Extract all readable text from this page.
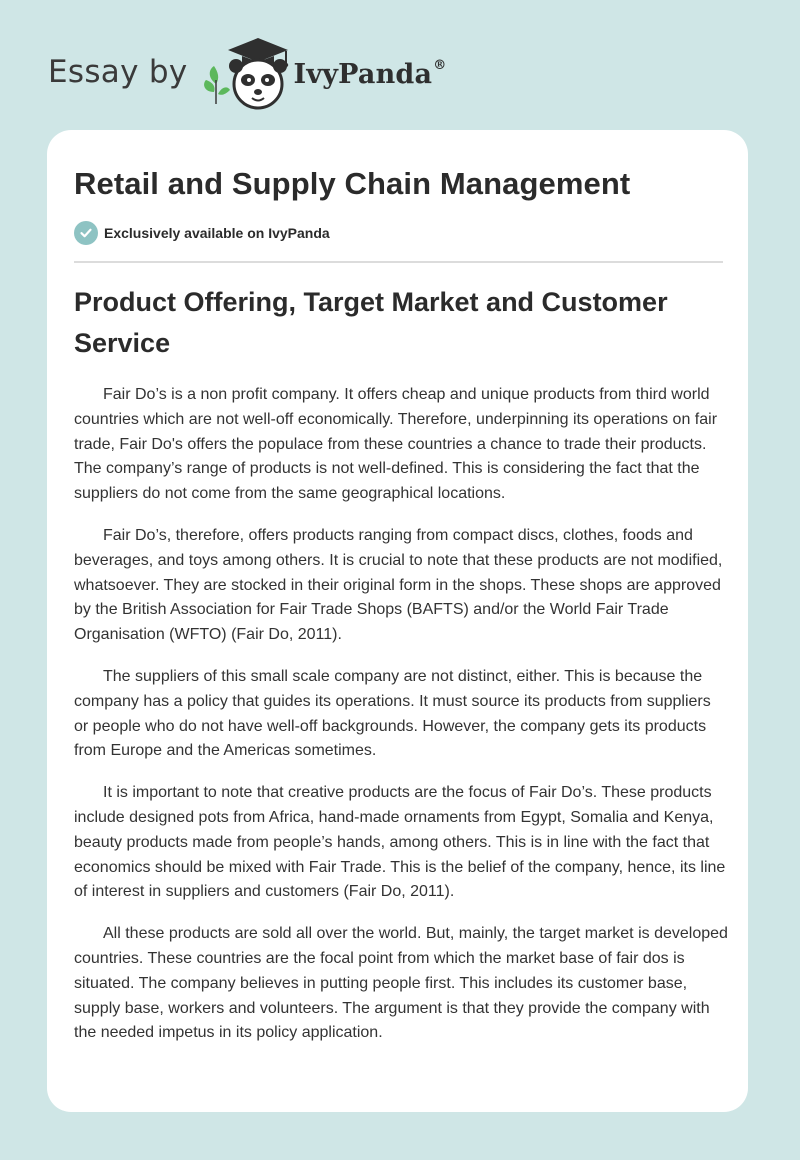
Essay by	IvyPanda®
Retail and Supply Chain Management
Exclusively available on IvyPanda
Product Offering, Target Market and Customer Service

Fair Do’s is a non profit company. It offers cheap and unique products from third world countries which are not well-off economically. Therefore, underpinning its operations on fair trade, Fair Do's offers the populace from these countries a chance to trade their products. The company’s range of products is not well-defined. This is considering the fact that the suppliers do not come from the same geographical locations.

Fair Do’s, therefore, offers products ranging from compact discs, clothes, foods and beverages, and toys among others. It is crucial to note that these products are not modified, whatsoever. They are stocked in their original form in the shops. These shops are approved by the British Association for Fair Trade Shops (BAFTS) and/or the World Fair Trade Organisation (WFTO) (Fair Do, 2011).

The suppliers of this small scale company are not distinct, either. This is because the company has a policy that guides its operations. It must source its products from suppliers or people who do not have well-off backgrounds. However, the company gets its products from Europe and the Americas sometimes.

It is important to note that creative products are the focus of Fair Do’s. These products include designed pots from Africa, hand-made ornaments from Egypt, Somalia and Kenya, beauty products made from people’s hands, among others. This is in line with the fact that economics should be mixed with Fair Trade. This is the belief of the company, hence, its line of interest in suppliers and customers (Fair Do, 2011).

All these products are sold all over the world. But, mainly, the target market is developed countries. These countries are the focal point from which the market base of fair dos is situated. The company believes in putting people first. This includes its customer base, supply base, workers and volunteers. The argument is that they provide the company with the needed impetus in its policy application.
